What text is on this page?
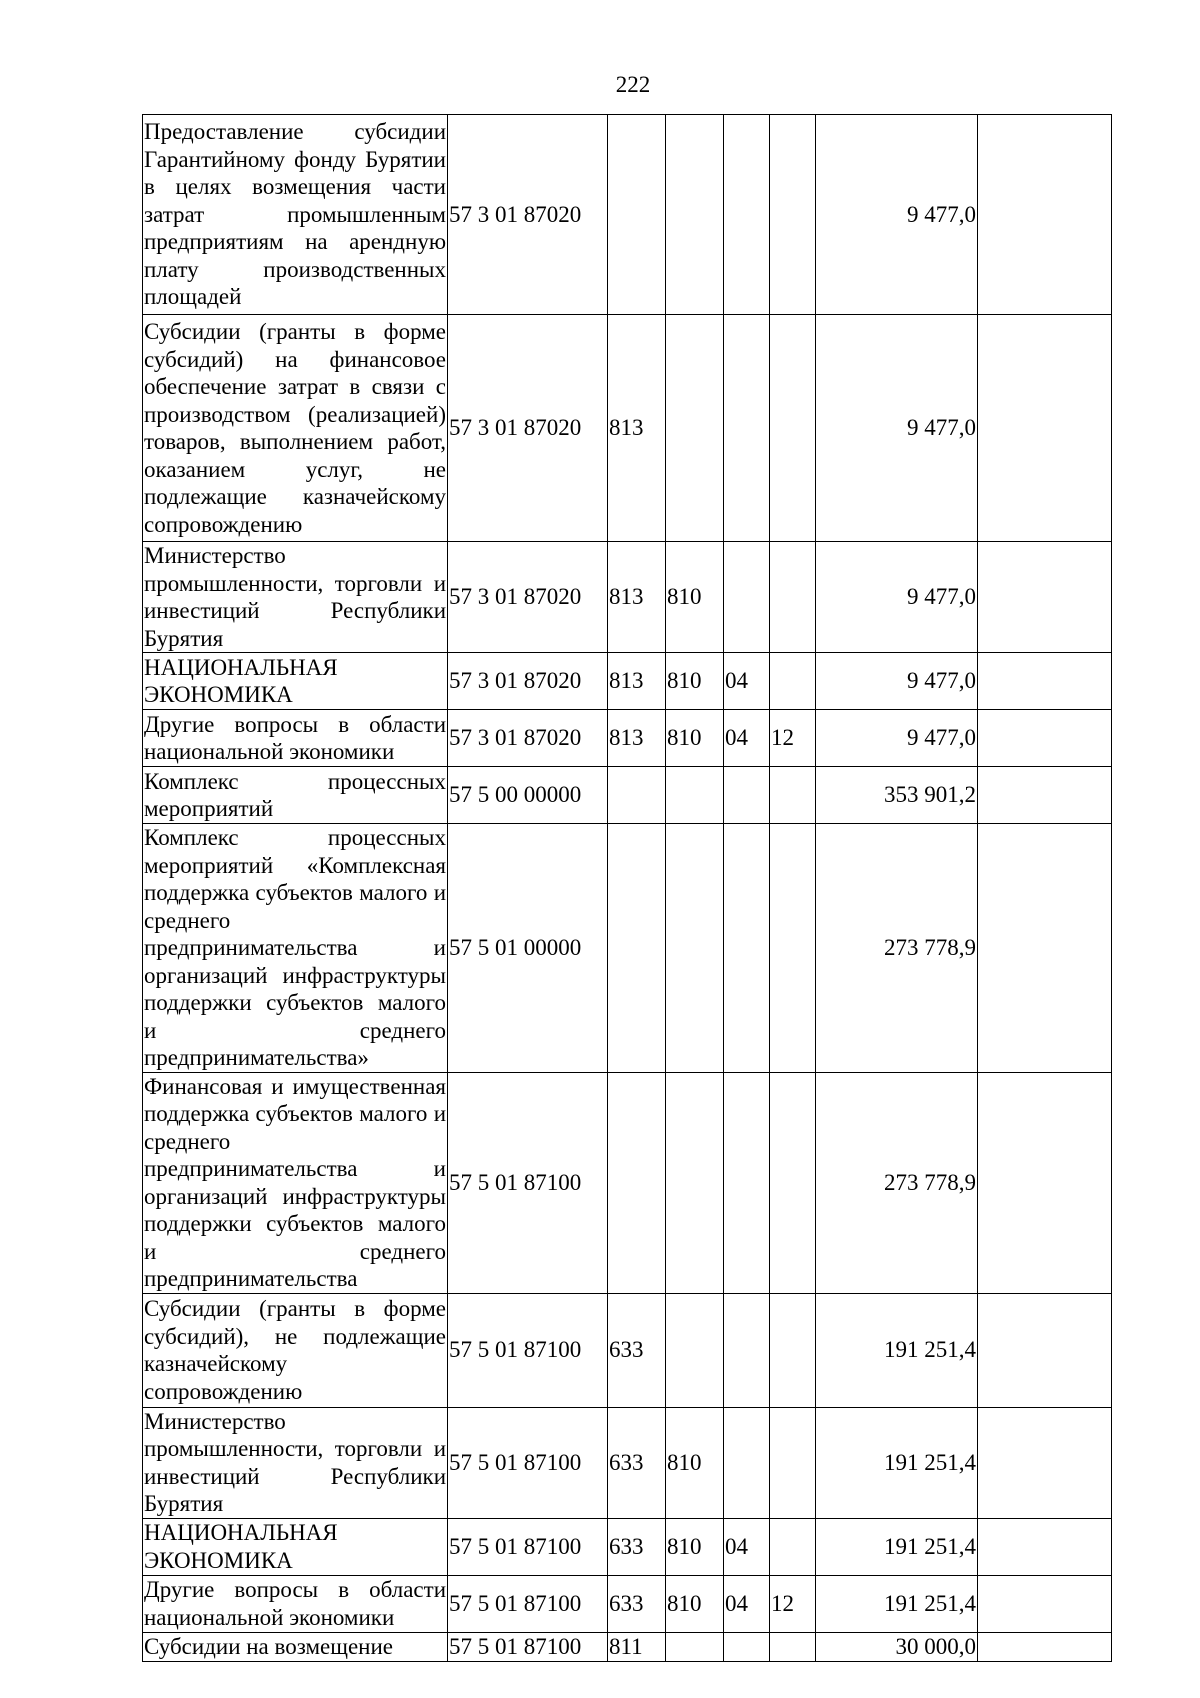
222
Предоставление субсидии Гарантийному фонду Бурятии в целях возмещения части затрат промышленным предприятиям на арендную плату производственных площадей	57 3 01 87020					9 477,0	
Субсидии (гранты в форме субсидий) на финансовое обеспечение затрат в связи с производством (реализацией) товаров, выполнением работ, оказанием услуг, не подлежащие казначейскому сопровождению	57 3 01 87020	813				9 477,0	
Министерство промышленности, торговли и инвестиций Республики Бурятия	57 3 01 87020	813	810			9 477,0	
НАЦИОНАЛЬНАЯ ЭКОНОМИКА	57 3 01 87020	813	810	04		9 477,0	
Другие вопросы в области национальной экономики	57 3 01 87020	813	810	04	12	9 477,0	
Комплекс процессных мероприятий	57 5 00 00000					353 901,2	
Комплекс процессных мероприятий «Комплексная поддержка субъектов малого и среднего предпринимательства и организаций инфраструктуры поддержки субъектов малого и среднего предпринимательства»	57 5 01 00000					273 778,9	
Финансовая и имущественная поддержка субъектов малого и среднего предпринимательства и организаций инфраструктуры поддержки субъектов малого и среднего предпринимательства	57 5 01 87100					273 778,9	
Субсидии (гранты в форме субсидий), не подлежащие казначейскому сопровождению	57 5 01 87100	633				191 251,4	
Министерство промышленности, торговли и инвестиций Республики Бурятия	57 5 01 87100	633	810			191 251,4	
НАЦИОНАЛЬНАЯ ЭКОНОМИКА	57 5 01 87100	633	810	04		191 251,4	
Другие вопросы в области национальной экономики	57 5 01 87100	633	810	04	12	191 251,4	
Субсидии на возмещение	57 5 01 87100	811				30 000,0	
